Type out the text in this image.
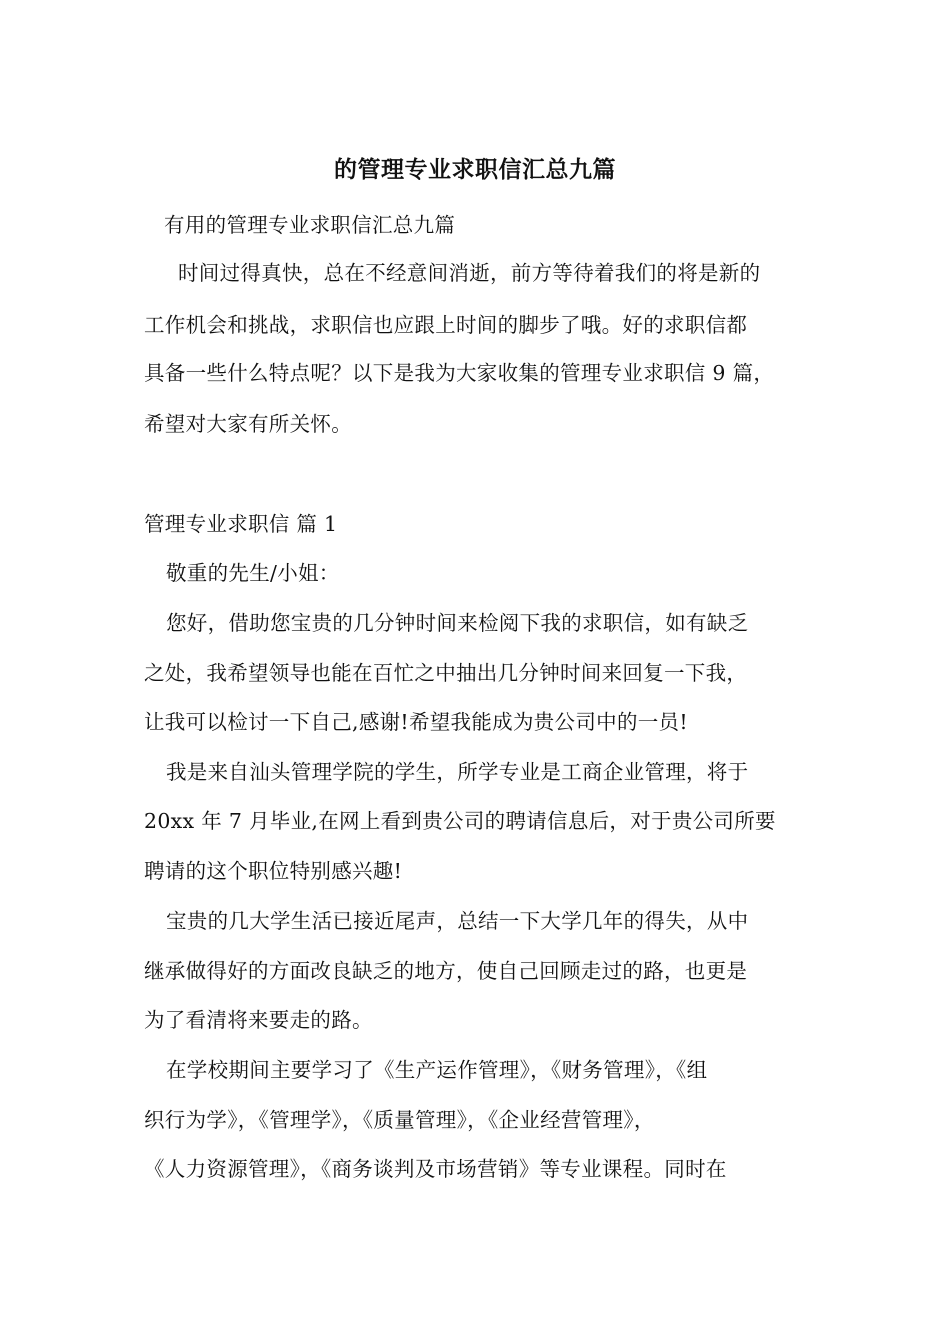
的管理专业求职信汇总九篇
有用的管理专业求职信汇总九篇
时间过得真快，总在不经意间消逝，前方等待着我们的将是新的
工作机会和挑战，求职信也应跟上时间的脚步了哦。好的求职信都
具备一些什么特点呢？以下是我为大家收集的管理专业求职信 9 篇，
希望对大家有所关怀。
管理专业求职信 篇 1
敬重的先生/小姐：
您好，借助您宝贵的几分钟时间来检阅下我的求职信，如有缺乏
之处，我希望领导也能在百忙之中抽出几分钟时间来回复一下我，
让我可以检讨一下自己,感谢!希望我能成为贵公司中的一员!
我是来自汕头管理学院的学生，所学专业是工商企业管理，将于
20xx 年 7 月毕业,在网上看到贵公司的聘请信息后，对于贵公司所要
聘请的这个职位特别感兴趣!
宝贵的几大学生活已接近尾声，总结一下大学几年的得失，从中
继承做得好的方面改良缺乏的地方，使自己回顾走过的路，也更是
为了看清将来要走的路。
在学校期间主要学习了《生产运作管理》，《财务管理》，《组
织行为学》，《管理学》，《质量管理》，《企业经营管理》，
《人力资源管理》，《商务谈判及市场营销》等专业课程。同时在
